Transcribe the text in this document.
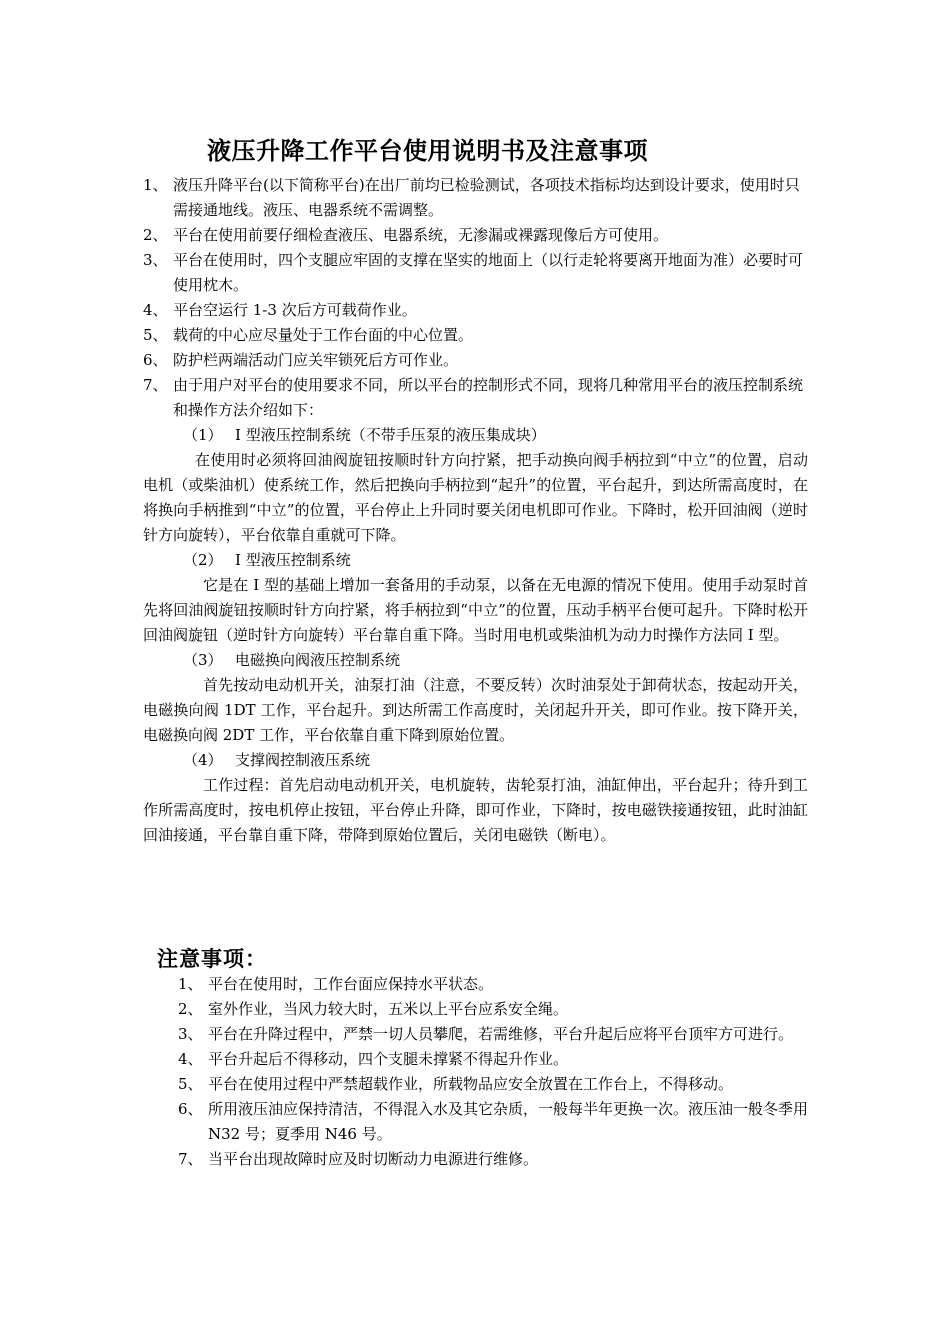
液压升降工作平台使用说明书及注意事项
1、 液压升降平台(以下简称平台)在出厂前均已检验测试，各项技术指标均达到设计要求，使用时只需接通地线。液压、电器系统不需调整。
2、 平台在使用前要仔细检查液压、电器系统，无渗漏或裸露现像后方可使用。
3、 平台在使用时，四个支腿应牢固的支撑在坚实的地面上（以行走轮将要离开地面为准）必要时可使用枕木。
4、 平台空运行 1-3 次后方可载荷作业。
5、 载荷的中心应尽量处于工作台面的中心位置。
6、 防护栏两端活动门应关牢锁死后方可作业。
7、 由于用户对平台的使用要求不同，所以平台的控制形式不同，现将几种常用平台的液压控制系统和操作方法介绍如下：
（1） I 型液压控制系统（不带手压泵的液压集成块）
在使用时必须将回油阀旋钮按顺时针方向拧紧，把手动换向阀手柄拉到“中立”的位置，启动电机（或柴油机）使系统工作，然后把换向手柄拉到“起升”的位置，平台起升，到达所需高度时，在将换向手柄推到“中立”的位置，平台停止上升同时要关闭电机即可作业。下降时，松开回油阀（逆时针方向旋转），平台依靠自重就可下降。
（2） I 型液压控制系统
它是在 I 型的基础上增加一套备用的手动泵，以备在无电源的情况下使用。使用手动泵时首先将回油阀旋钮按顺时针方向拧紧，将手柄拉到“中立”的位置，压动手柄平台便可起升。下降时松开回油阀旋钮（逆时针方向旋转）平台靠自重下降。当时用电机或柴油机为动力时操作方法同 I 型。
（3） 电磁换向阀液压控制系统
首先按动电动机开关，油泵打油（注意，不要反转）次时油泵处于卸荷状态，按起动开关，电磁换向阀 1DT 工作，平台起升。到达所需工作高度时，关闭起升开关，即可作业。按下降开关，电磁换向阀 2DT 工作，平台依靠自重下降到原始位置。
（4） 支撑阀控制液压系统
工作过程：首先启动电动机开关，电机旋转，齿轮泵打油，油缸伸出，平台起升；待升到工作所需高度时，按电机停止按钮，平台停止升降，即可作业，下降时，按电磁铁接通按钮，此时油缸回油接通，平台靠自重下降，带降到原始位置后，关闭电磁铁（断电）。
注意事项：
1、 平台在使用时，工作台面应保持水平状态。
2、 室外作业，当风力较大时，五米以上平台应系安全绳。
3、 平台在升降过程中，严禁一切人员攀爬，若需维修，平台升起后应将平台顶牢方可进行。
4、 平台升起后不得移动，四个支腿未撑紧不得起升作业。
5、 平台在使用过程中严禁超载作业，所载物品应安全放置在工作台上，不得移动。
6、 所用液压油应保持清洁，不得混入水及其它杂质，一般每半年更换一次。液压油一般冬季用 N32 号；夏季用 N46 号。
7、 当平台出现故障时应及时切断动力电源进行维修。
